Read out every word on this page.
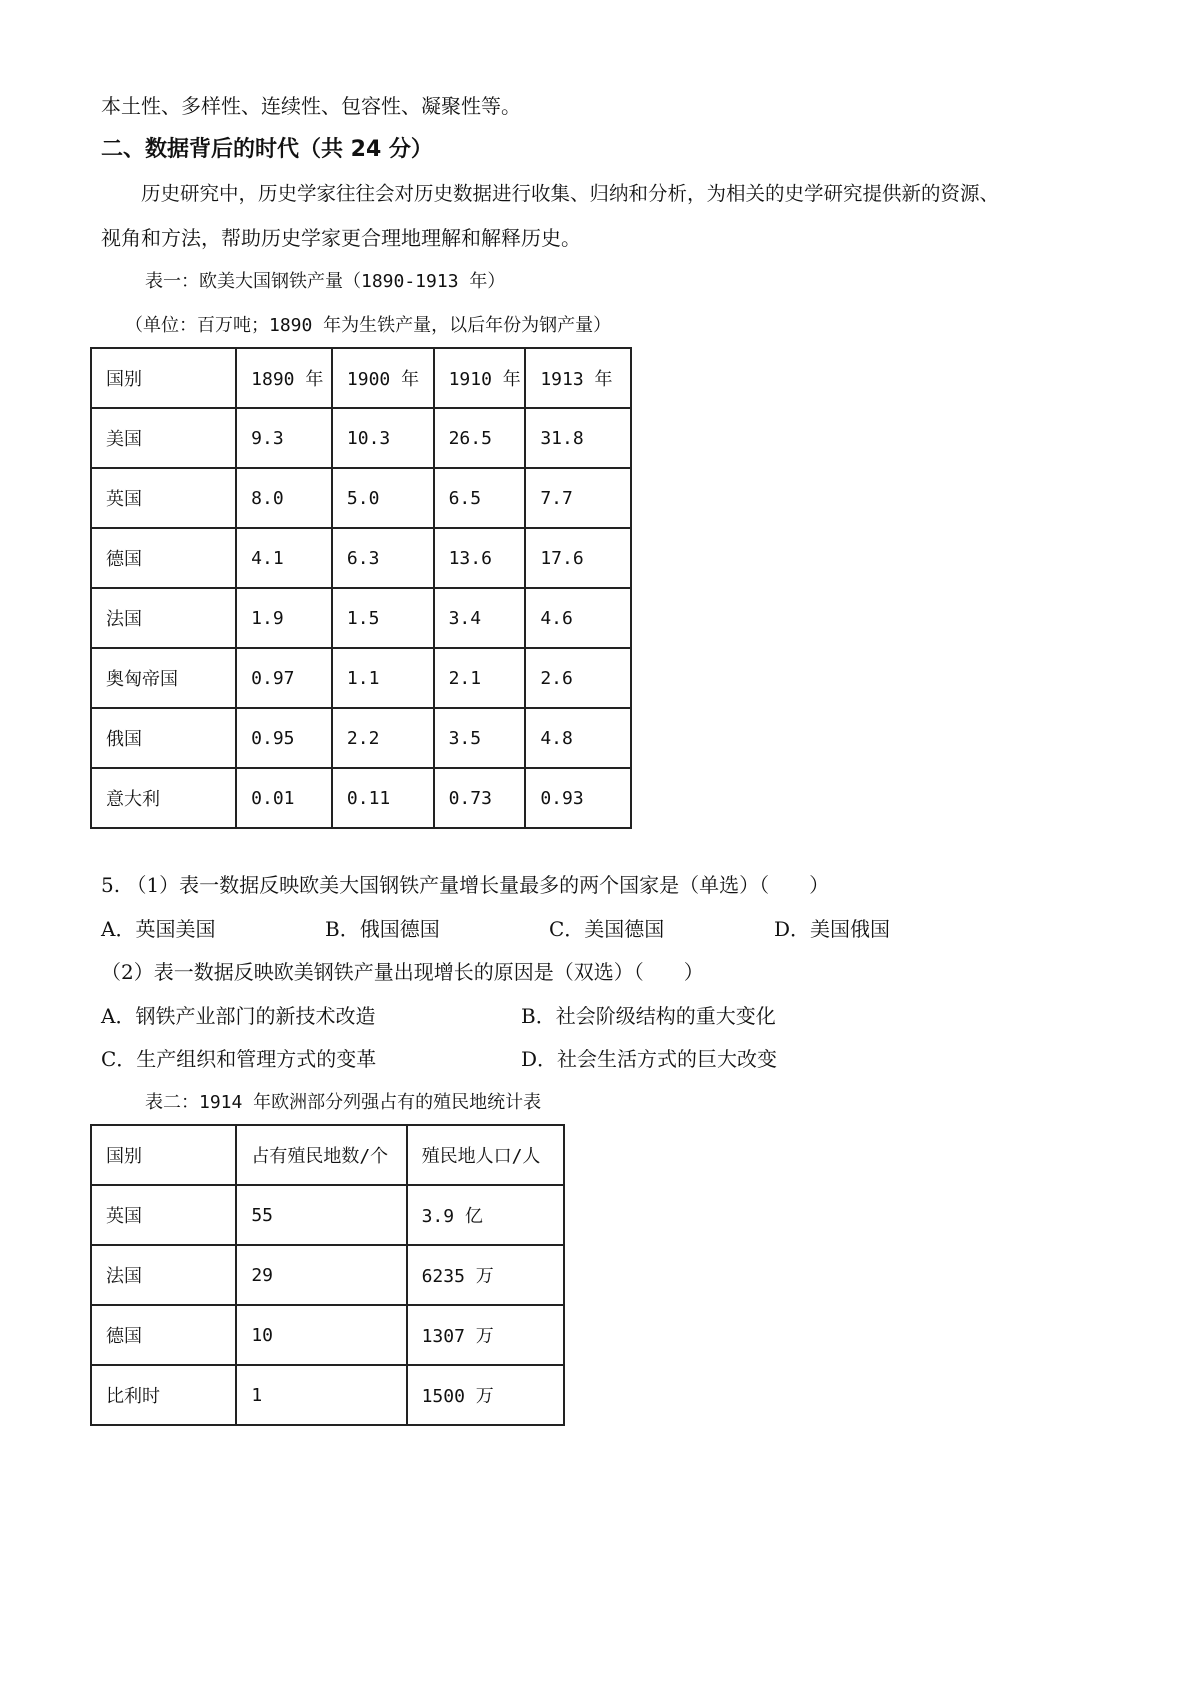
本土性、多样性、连续性、包容性、凝聚性等。
二、数据背后的时代（共 24 分）
历史研究中，历史学家往往会对历史数据进行收集、归纳和分析，为相关的史学研究提供新的资源、
视角和方法，帮助历史学家更合理地理解和解释历史。
表一：欧美大国钢铁产量（1890-1913 年）
（单位：百万吨；1890 年为生铁产量，以后年份为钢产量）
国别	1890 年	1900 年	1910 年	1913 年
美国	9.3	10.3	26.5	31.8
英国	8.0	5.0	6.5	7.7
德国	4.1	6.3	13.6	17.6
法国	1.9	1.5	3.4	4.6
奥匈帝国	0.97	1.1	2.1	2.6
俄国	0.95	2.2	3.5	4.8
意大利	0.01	0.11	0.73	0.93
5. （1）表一数据反映欧美大国钢铁产量增长量最多的两个国家是（单选）（　　）
A．英国美国	B．俄国德国	C．美国德国	D．美国俄国
（2）表一数据反映欧美钢铁产量出现增长的原因是（双选）（　　）
A．钢铁产业部门的新技术改造	B．社会阶级结构的重大变化
C．生产组织和管理方式的变革	D．社会生活方式的巨大改变
表二：1914 年欧洲部分列强占有的殖民地统计表
国别	占有殖民地数/个	殖民地人口/人
英国	55	3.9 亿
法国	29	6235 万
德国	10	1307 万
比利时	1	1500 万
